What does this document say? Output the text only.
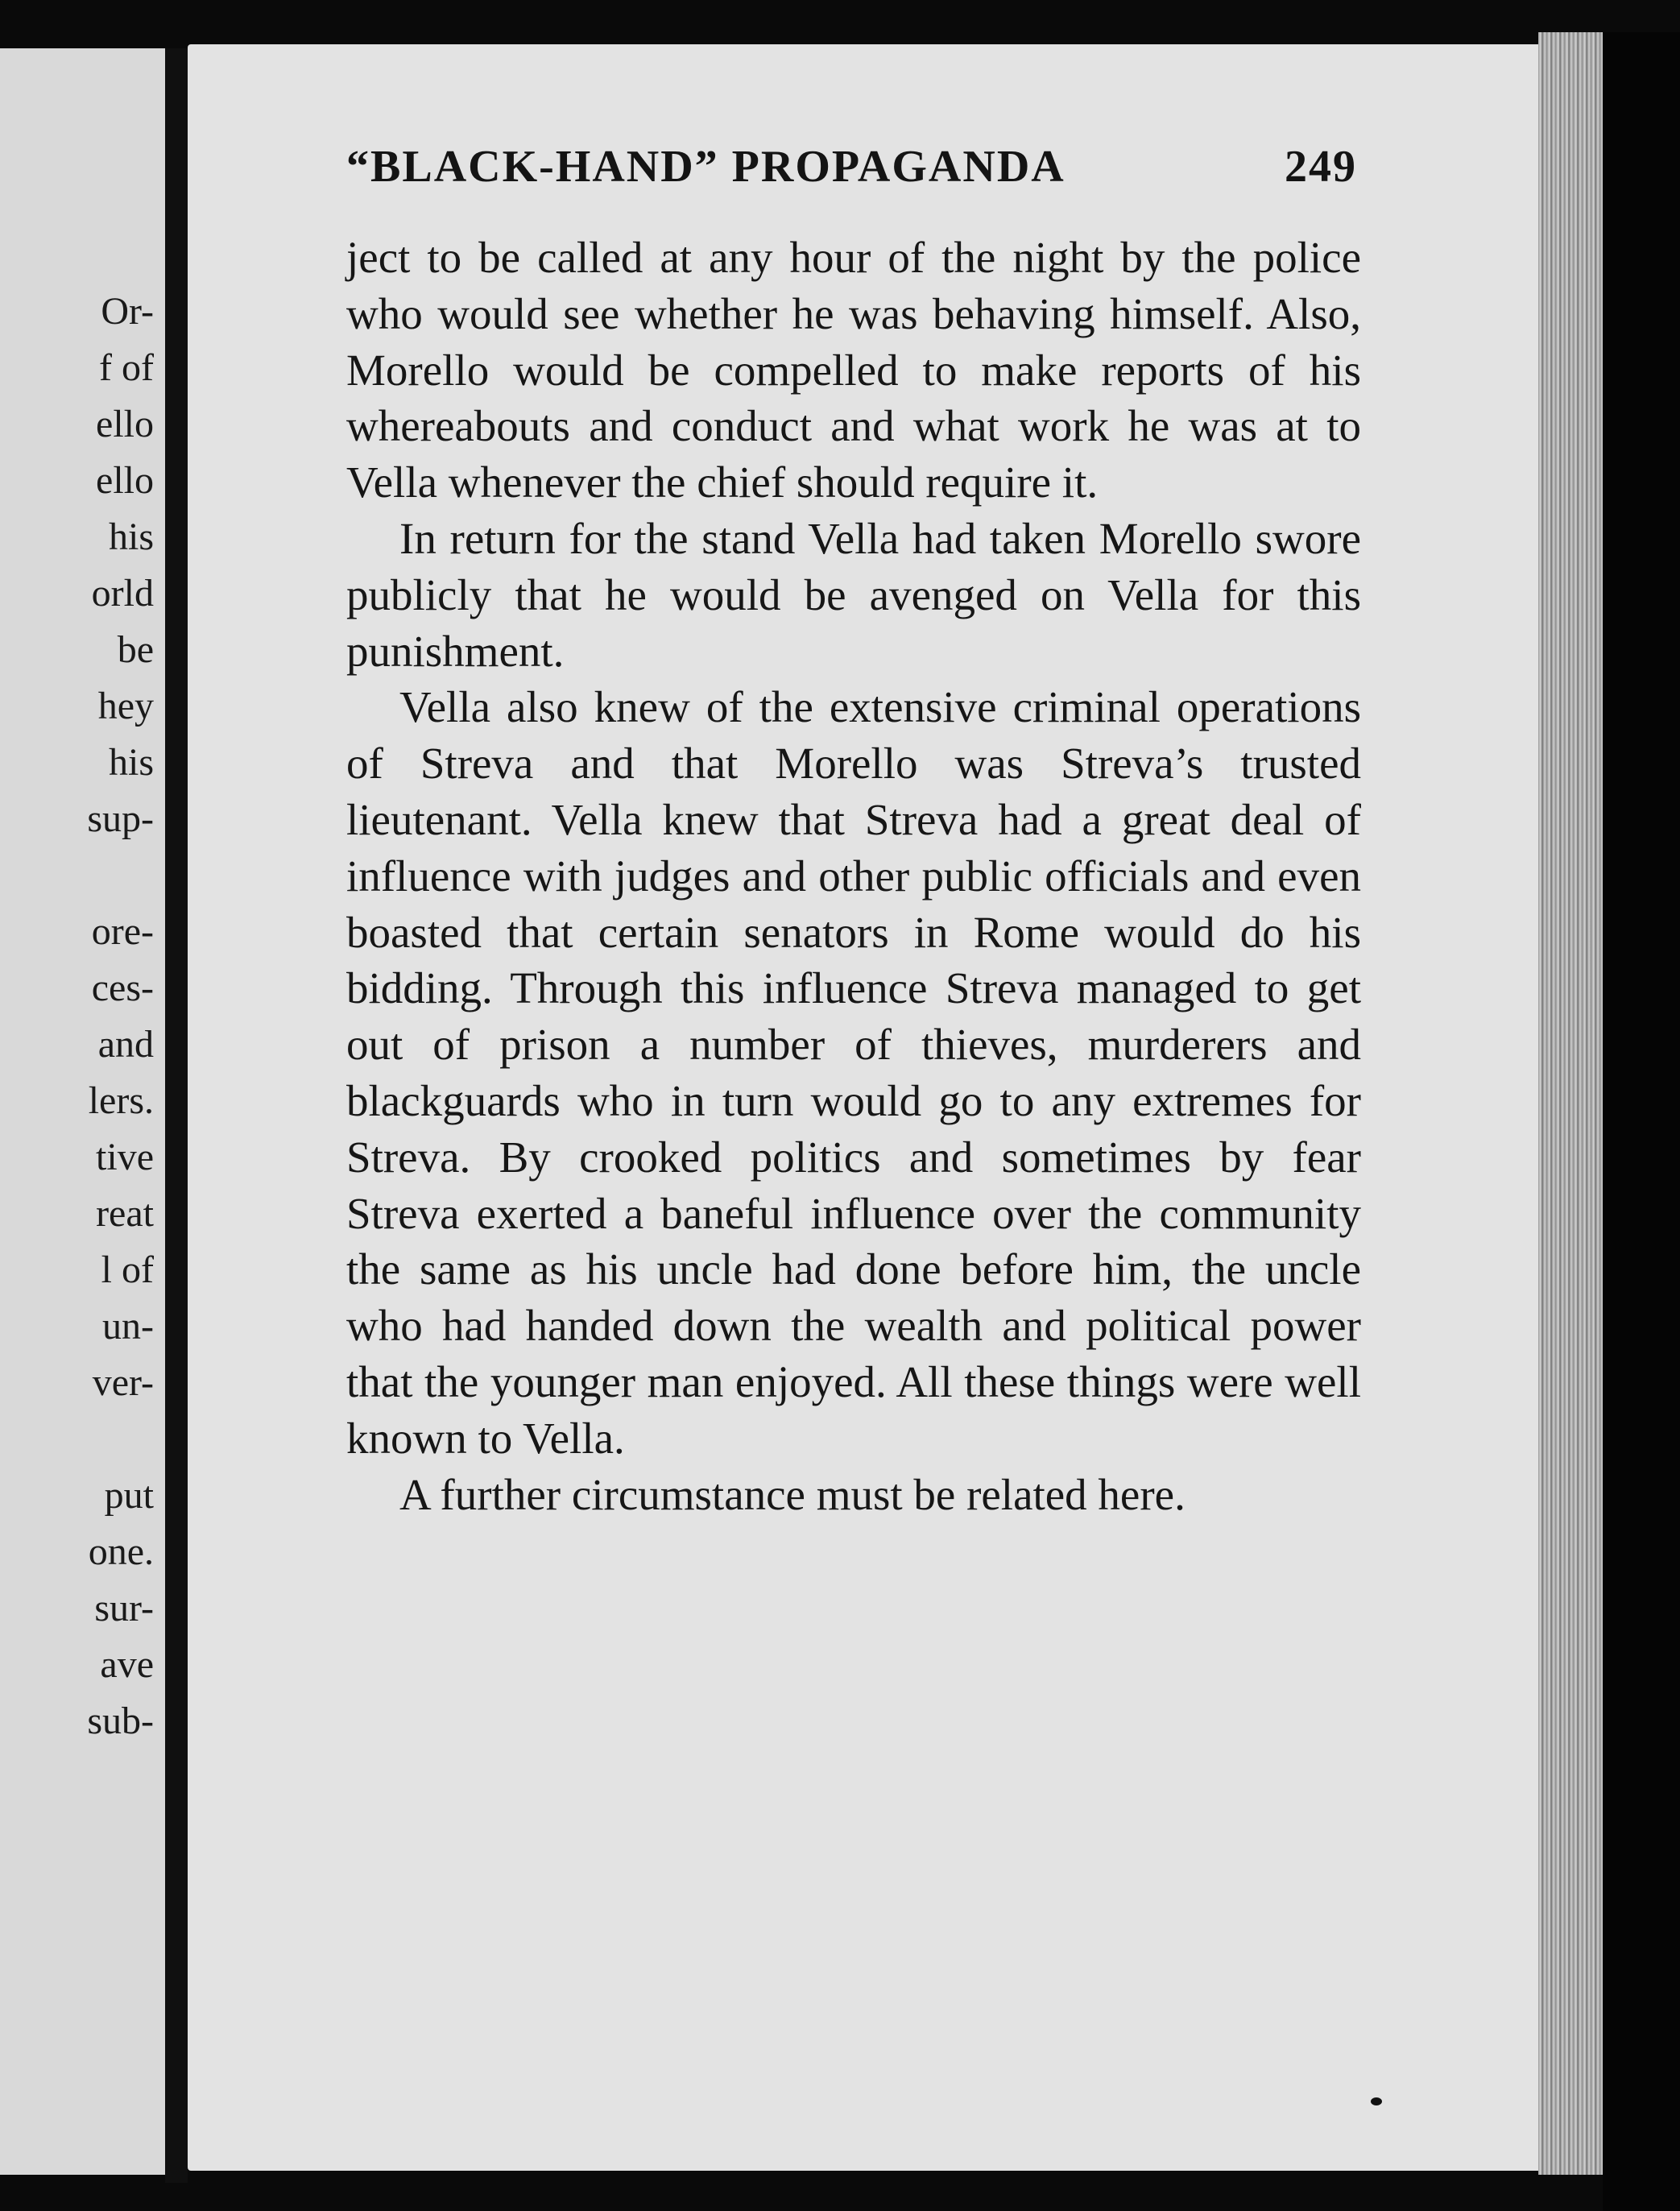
Or-
f of
ello
ello
his
orld
be
hey
his
sup-
ore-
ces-
and
lers.
tive
reat
l of
un-
ver-
put
one.
sur-
ave
sub-
“BLACK-HAND” PROPAGANDA	249

ject to be called at any hour of the night by the police who would see whether he was behaving himself. Also, Morello would be compelled to make reports of his whereabouts and conduct and what work he was at to Vella whenever the chief should require it.

In return for the stand Vella had taken Morello swore publicly that he would be avenged on Vella for this punishment.

Vella also knew of the extensive criminal operations of Streva and that Morello was Streva’s trusted lieutenant. Vella knew that Streva had a great deal of influence with judges and other public officials and even boasted that certain senators in Rome would do his bidding. Through this influence Streva managed to get out of prison a number of thieves, murderers and blackguards who in turn would go to any extremes for Streva. By crooked politics and sometimes by fear Streva exerted a baneful influence over the community the same as his uncle had done before him, the uncle who had handed down the wealth and political power that the younger man enjoyed. All these things were well known to Vella.

A further circumstance must be related here.
